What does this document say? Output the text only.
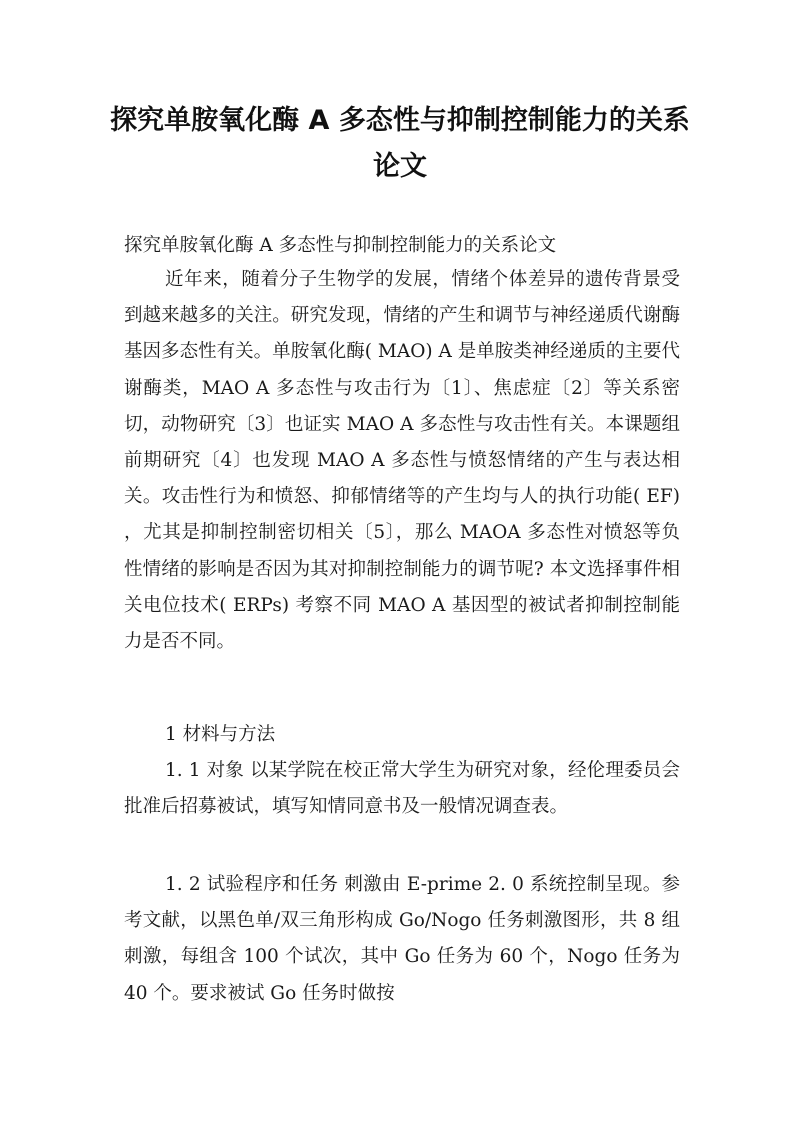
探究单胺氧化酶 A 多态性与抑制控制能力的关系论文

探究单胺氧化酶 A 多态性与抑制控制能力的关系论文

近年来，随着分子生物学的发展，情绪个体差异的遗传背景受到越来越多的关注。研究发现，情绪的产生和调节与神经递质代谢酶基因多态性有关。单胺氧化酶( MAO) A 是单胺类神经递质的主要代谢酶类，MAO A 多态性与攻击行为〔1〕、焦虑症〔2〕等关系密切，动物研究〔3〕也证实 MAO A 多态性与攻击性有关。本课题组前期研究〔4〕也发现 MAO A 多态性与愤怒情绪的产生与表达相关。攻击性行为和愤怒、抑郁情绪等的产生均与人的执行功能( EF) ，尤其是抑制控制密切相关〔5〕，那么 MAOA 多态性对愤怒等负性情绪的影响是否因为其对抑制控制能力的调节呢? 本文选择事件相关电位技术( ERPs) 考察不同 MAO A 基因型的被试者抑制控制能力是否不同。

1 材料与方法

1. 1 对象 以某学院在校正常大学生为研究对象，经伦理委员会批准后招募被试，填写知情同意书及一般情况调查表。

1. 2 试验程序和任务 刺激由 E-prime 2. 0 系统控制呈现。参考文献，以黑色单/双三角形构成 Go/Nogo 任务刺激图形，共 8 组刺激，每组含 100 个试次，其中 Go 任务为 60 个，Nogo 任务为 40 个。要求被试 Go 任务时做按
